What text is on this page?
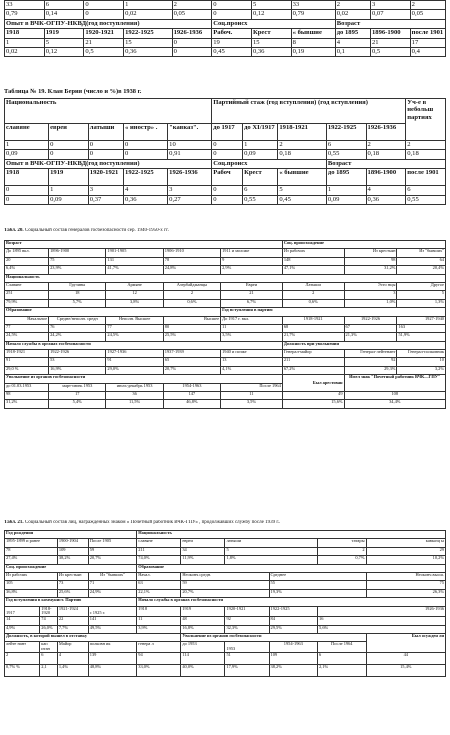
33	6	0	1	2	0	5	33	2	3	2
0,79	0,14	0	0,02	0,05	0	0,12	0,79	0,02	0,07	0,05
Опыт в ВЧК-ОГПУ-НКВД(год поступления)					Соц.происх			Возраст		
1918	1919	1920-1921	1922-1925	1926-1936	Рабоч.	Крест	« бывшие	до 1895	1896-1900	после 1901
1	5	21	15	0	19	15	8	4	21	17
0,02	0,12	0,5	0,36	0	0,45	0,36	0,19	0,1	0,5	0,4
Таблица № 19. Клан Берия (число и %)в 1938 г.
Национальность					Партийный стаж (год вступления) (год вступления)					Уч-е в небольш партиях
славяне	евреи	латыши	« иностр» .	"кавказ".	до 1917	до XI/1917	1918-1921	1922-1925	1926-1936	
1	0	0	0	10	0	1	2	6	2	2
0,09	0	0	0	0,91	0	0,09	0,18	0,55	0,18	0,18
Опыт в ВЧК-ОГПУ-НКВД(год поступления)					Соц.происх			Возраст		
1918	1919	1920-1921	1922-1925	1926-1936	Рабоч	Крест	« бывшие	до 1895	1896-1900	после 1901
0	1	3	4	3	0	6	5	1	4	6
0	0,09	0,37	0,36	0,27	0	0,55	0,45	0,09	0,36	0,55
Табл. 20. Социальный состав генералов госбезопасности сер. 1940-1950-х гг.
Возраст					Соц. происхождение		
До 1895 вкл.	1896-1900	1901-1905	1906-1910	1911 и моложе	Из рабочих	Из крестьян	Из "бывших"
20	75	131	78	9	148	98	64
6,4%	23,9%	41,7%	24,8%	2,9%	47,1%	31,2%	20,4%
Национальность							
Славяне	Грузины	Армяне	Азербайджанцы	Евреи	Латыши	Эсто нцы	Другое
251	18	12	2	21	2	3	5
79,9%	5,7%	3,8%	0,6%	6,7%	0,6%	1,0%	1,3%
Образование				Год вступления в партию			
Начальное	Средне/неполн. средн	Неполн. Высшее	Высшее	До 1917 г. вкл.	1918-1921	1922-1926	1927-1940
77	76	77	80	11	68	67	163
24,5%	24,2%	24,5%	25,5%	3,5%	21,7%	21,3%	51,9%
Начало службы в органах госбезопасности					Должность при увольнении		
1918-1921	1922-1926	1927-1936	1937-1939	1940 и позже	Генерал-майор	Генерал-лейтенант	Генерал-полковник
91	53	91	65	13	211	92	10
29,0 %	16,9%	29,0%	20,7%	4,1%	67,2%	29,3%	3,2%
Увольнение из органов госбезопасности					Был арестован	Имел знак "Почетный работник ВЧК—ГПУ"	
до 01.03.1953	март-июнь 1953	июль-декабрь 1953	1954-1963	После 1964			
98	17	36	147	11	49	108	
31,2%	5,4%	11,5%	46,8%	3,5%	15,6%	34,4%	
Табл. 21. Социальный состав лиц, награжденных знаком « Почетный работник ВЧК-ГПУ» , продолжавших службу после 1939 г..
Год рождения				Национальность					
1895-1899 и ранее		1900-1904	После 1905	славяне	евреи	латыши		татары	кавказц ы
78		109	59	211	34	5		2	29
27,4%		38,2%	20,7%	74,0%	11,9%	1,8%		0,7%	10,2%
Соц. происхождение				Образование					
Из рабочих		Из крестьян	Из "бывших"	Начал.	Неоконч.средн.		Среднее		Неоконч.высш.
105		73	71	63	59		55		75
36,8%		25,6%	24,9%	22,1%	20,7%		19,3%		26,3%
Год вступления в коммунист. Партию				Начало службы в органах госбезопасности					
1917	1918-1920	1921-1924	с 1925 г.	1918	1919	1920-1921	1922-1925	1926-1936	
14	74	22	141	11	48	92	84	16	
4,9%	26,0%	7,7%	49,5%	3,9%	16,8%	32,3%	29,5%	5,6%	
Должность, в которой вышел в отставку					Увольнение из органов госбезопасности				Был осужден ли
лейте нант	кап итан	Майор	полковн ик	генера л	до 1953	1953	1954-1963	После 1964	
2	6	4	139	94	114	51	109	6	44
0,7% %	2,1	1,4%	48,8%	33,0%	40,0%	17,9%	38,2%	2,1%	15,4%
